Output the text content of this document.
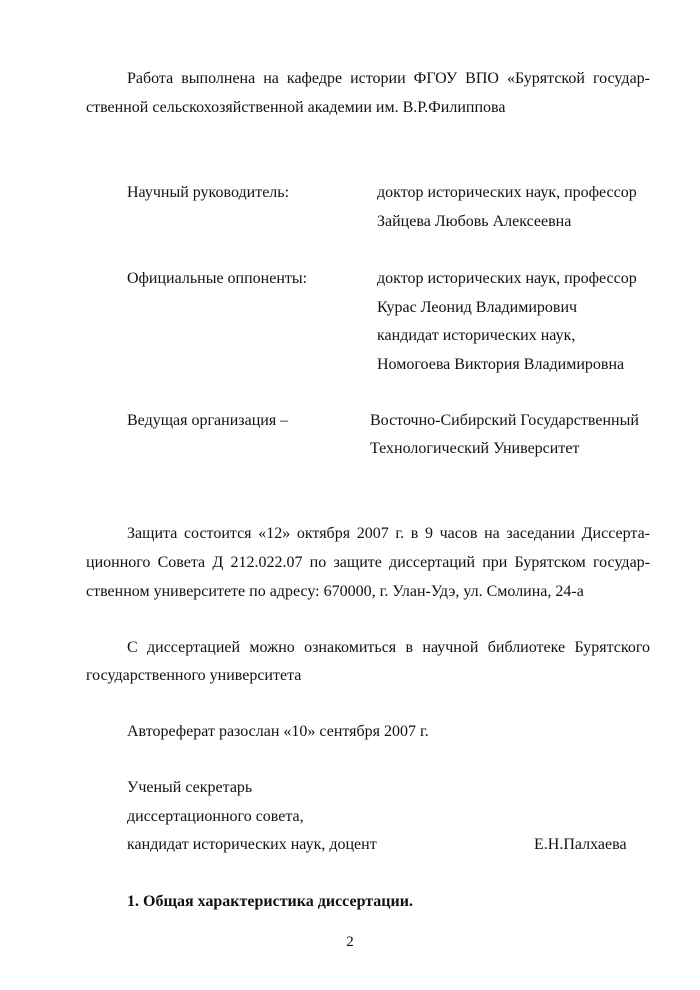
Работа выполнена на кафедре истории ФГОУ ВПО «Бурятской государ-
ственной сельскохозяйственной академии им. В.Р.Филиппова
Научный руководитель:	доктор исторических наук, профессор
Зайцева Любовь Алексеевна
Официальные оппоненты:	доктор исторических наук, профессор
Курас Леонид Владимирович
кандидат исторических наук,
Номогоева Виктория Владимировна
Ведущая организация –	Восточно-Сибирский Государственный
Технологический Университет
Защита состоится «12» октября 2007 г. в 9 часов на заседании Диссерта-
ционного Совета Д 212.022.07 по защите диссертаций при Бурятском государ-
ственном университете по адресу: 670000, г. Улан-Удэ, ул. Смолина, 24-а
С диссертацией можно ознакомиться в научной библиотеке Бурятского
государственного университета
Автореферат разослан «10» сентября 2007 г.
Ученый секретарь
диссертационного совета,
кандидат исторических наук, доцент	Е.Н.Палхаева
1. Общая характеристика диссертации.
2
